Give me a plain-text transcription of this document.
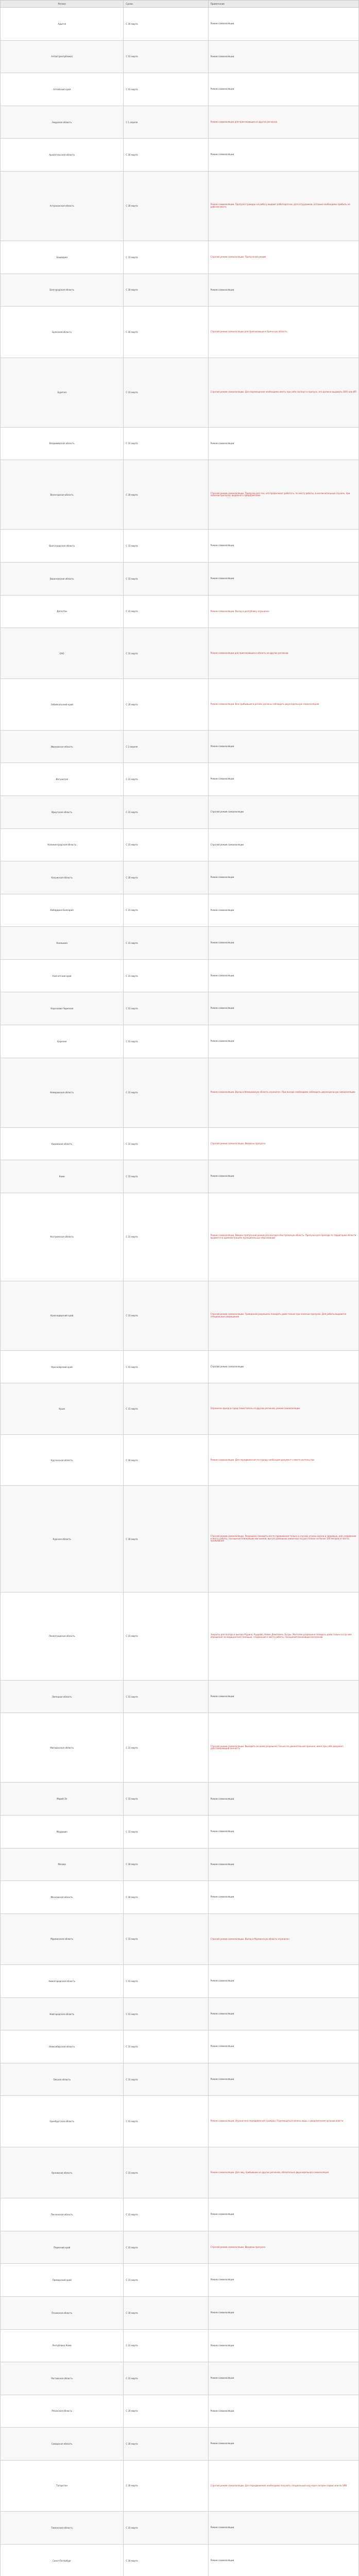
Регион	Сроки	Примечание
Адыгея	С 30 марта	Режим самоизоляции
Алтай (республика)	С 31 марта	Режим самоизоляции
Алтайский край	С 31 марта	Режим самоизоляции
Амурская область	С 1 апреля	Режим самоизоляции для приезжающих из других регионов
Архангельская область	С 30 марта	Режим самоизоляции
Астраханская область	С 30 марта	Режим самоизоляции. Пропуска граждан на работу выдают работодатели, для сотрудников, которым необходимо прибыть на рабочее место
Башкирия	С 31 марта	Строгий режим самоизоляции. Пропускной режим
Белгородская область	С 30 марта	Режим самоизоляции
Брянская область	С 30 марта	Строгий режим самоизоляции для приезжающих в Брянскую область
Бурятия	С 31 марта	Строгий режим самоизоляции. Для перемещения необходимо иметь при себе паспорт и пропуск, его должно выдавать ООО или ИП
Владимирская область	С 31 марта	Режим самоизоляции
Вологодская область	С 30 марта	Строгий режим самоизоляции. Пропуски для тех, кто продолжает работать, по месту работы, в исключительных случаях, при наличии пропуска, выданного предприятием
Волгоградская область	С 31 марта	Режим самоизоляции
Воронежская область	С 31 марта	Режим самоизоляции
Дагестан	С 31 марта	Режим самоизоляции. Въезд в республику ограничен
ЕАО	С 31 марта	Режим самоизоляции для приезжающих в область из других регионов
Забайкальский край	С 30 марта	Режим самоизоляции. Все прибывшие в регион должны соблюдать двухнедельную самоизоляцию
Ивановская область	С 2 апреля	Режим самоизоляции
Ингушетия	С 31 марта	Режим самоизоляции
Иркутская область	С 31 марта	Строгий режим самоизоляции
Калининградская область	С 31 марта	Строгий режим самоизоляции
Калужская область	С 30 марта	Режим самоизоляции
Кабардино-Балкария	С 31 марта	Режим самоизоляции
Калмыкия	С 31 марта	Режим самоизоляции
Камчатский край	С 31 марта	Режим самоизоляции
Карачаево-Черкесия	С 31 марта	Режим самоизоляции
Карелия	С 31 марта	Режим самоизоляции
Кемеровская область	С 31 марта	Режим самоизоляции. Въезд в Кемеровскую область ограничен. При въезде необходимо соблюдать двухнедельную самоизоляцию
Кировская область	С 31 марта	Строгий режим самоизоляции. Введены пропуска
Коми	С 31 марта	Режим самоизоляции
Костромская область	С 31 марта	Режим самоизоляции. Введен пропускной режим для въезда в Костромскую область. Пропуска для проезда по территории области выдаются в администрациях муниципальных образований
Краснодарский край	С 31 марта	Строгий режим самоизоляции. Гражданам разрешено покидать дома только при наличии пропуска. Для работы выдаются специальные разрешения
Красноярский край	С 31 марта	Строгий режим самоизоляции
Крым	С 31 марта	Ограничен въезд в город Севастополь из других регионов, режим самоизоляции
Курганская область	С 30 марта	Режим самоизоляции. Для передвижения по городу необходим документ о месте жительства
Курская область	С 30 марта	Строгий режим самоизоляции. Разрешено покидать место проживания только в случаях угрозы жизни и здоровью, для следования к месту работы, посещения ближайших магазинов, выгула домашних животных на расстоянии не более 100 метров от места проживания
Ленинградская область	С 31 марта	Закрыты для въезда и выезда Мурино, Кудрово, Новое Девяткино, Бугры. Жителям разрешено покидать дома только в случаях обращения за медицинской помощью, следования к месту работы, посещения ближайших магазинов
Липецкая область	С 31 марта	Режим самоизоляции
Магаданская область	С 31 марта	Строгий режим самоизоляции. Выходить из дома разрешено только по уважительной причине, имея при себе документ, удостоверяющий личность
Марий Эл	С 31 марта	Режим самоизоляции
Мордовия	С 31 марта	Режим самоизоляции
Москва	С 30 марта	Режим самоизоляции
Московская область	С 30 марта	Режим самоизоляции
Мурманская область	С 31 марта	Строгий режим самоизоляции. Въезд в Мурманскую область ограничен
Нижегородская область	С 31 марта	Режим самоизоляции
Новгородская область	С 31 марта	Режим самоизоляции
Новосибирская область	С 31 марта	Режим самоизоляции
Омская область	С 31 марта	Режим самоизоляции
Оренбургская область	С 31 марта	Режим самоизоляции. Ограничено передвижение граждан. Перемещаться можно лишь с уведомлением органов власти
Орловская область	С 31 марта	Режим самоизоляции. Для лиц, прибывших из других регионов, обязательна двухнедельная самоизоляция
Пензенская область	С 31 марта	Режим самоизоляции
Пермский край	С 31 марта	Строгий режим самоизоляции. Введены пропуска
Приморский край	С 31 марта	Режим самоизоляции
Псковская область	С 30 марта	Режим самоизоляции
Республика Коми	С 31 марта	Режим самоизоляции
Ростовская область	С 31 марта	Режим самоизоляции
Рязанская область	С 30 марта	Режим самоизоляции
Самарская область	С 30 марта	Режим самоизоляции
Татарстан	С 30 марта	Строгий режим самоизоляции. Для передвижения необходимо получить специальный код через онлайн-сервис или по SMS
Тюменская область	С 31 марта	Режим самоизоляции
Санкт-Петербург	С 30 марта	Режим самоизоляции
